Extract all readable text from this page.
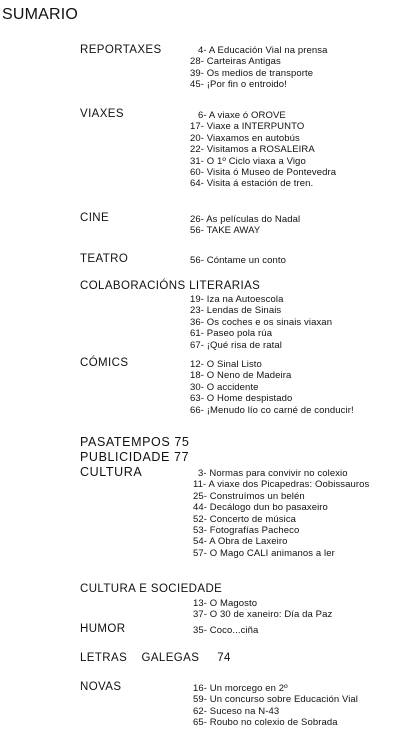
SUMARIO
REPORTAXES	4- A Educación Vial na prensa
28- Carteiras Antigas
39- Os medios de transporte
45- ¡Por fin o entroido!
VIAXES	6- A viaxe ó OROVE
17- Viaxe a INTERPUNTO
20- Viaxamos en autobús
22- Visitamos a ROSALEIRA
31- O 1º Ciclo viaxa a Vigo
60- Visita ó Museo de Pontevedra
64- Visita á estación de tren.
CINE	26- As películas do Nadal
56- TAKE AWAY
TEATRO	56- Cóntame un conto
COLABORACIÓNS LITERARIAS
19- Iza na Autoescola
23- Lendas de Sinais
36- Os coches e os sinais viaxan
61- Paseo pola rúa
67- ¡Qué risa de ratal
CÓMICS	12- O Sinal Listo
18- O Neno de Madeira
30- O accidente
63- O Home despistado
66- ¡Menudo lío co carné de conducir!
PASATEMPOS 75
PUBLICIDADE 77
CULTURA	3- Normas para convivir no colexio
11- A viaxe dos Picapedras: Oobissauros
25- Construímos un belén
44- Decálogo dun bo pasaxeiro
52- Concerto de música
53- Fotografías Pacheco
54- A Obra de Laxeiro
57- O Mago CALI animanos a ler
CULTURA E SOCIEDADE
13- O Magosto
37- O 30 de xaneiro: Día da Paz
HUMOR	35- Coco...ciña
LETRAS    GALEGAS     74
NOVAS	16- Un morcego en 2º
59- Un concurso sobre Educación Vial
62- Suceso na N-43
65- Roubo no colexio de Sobrada
